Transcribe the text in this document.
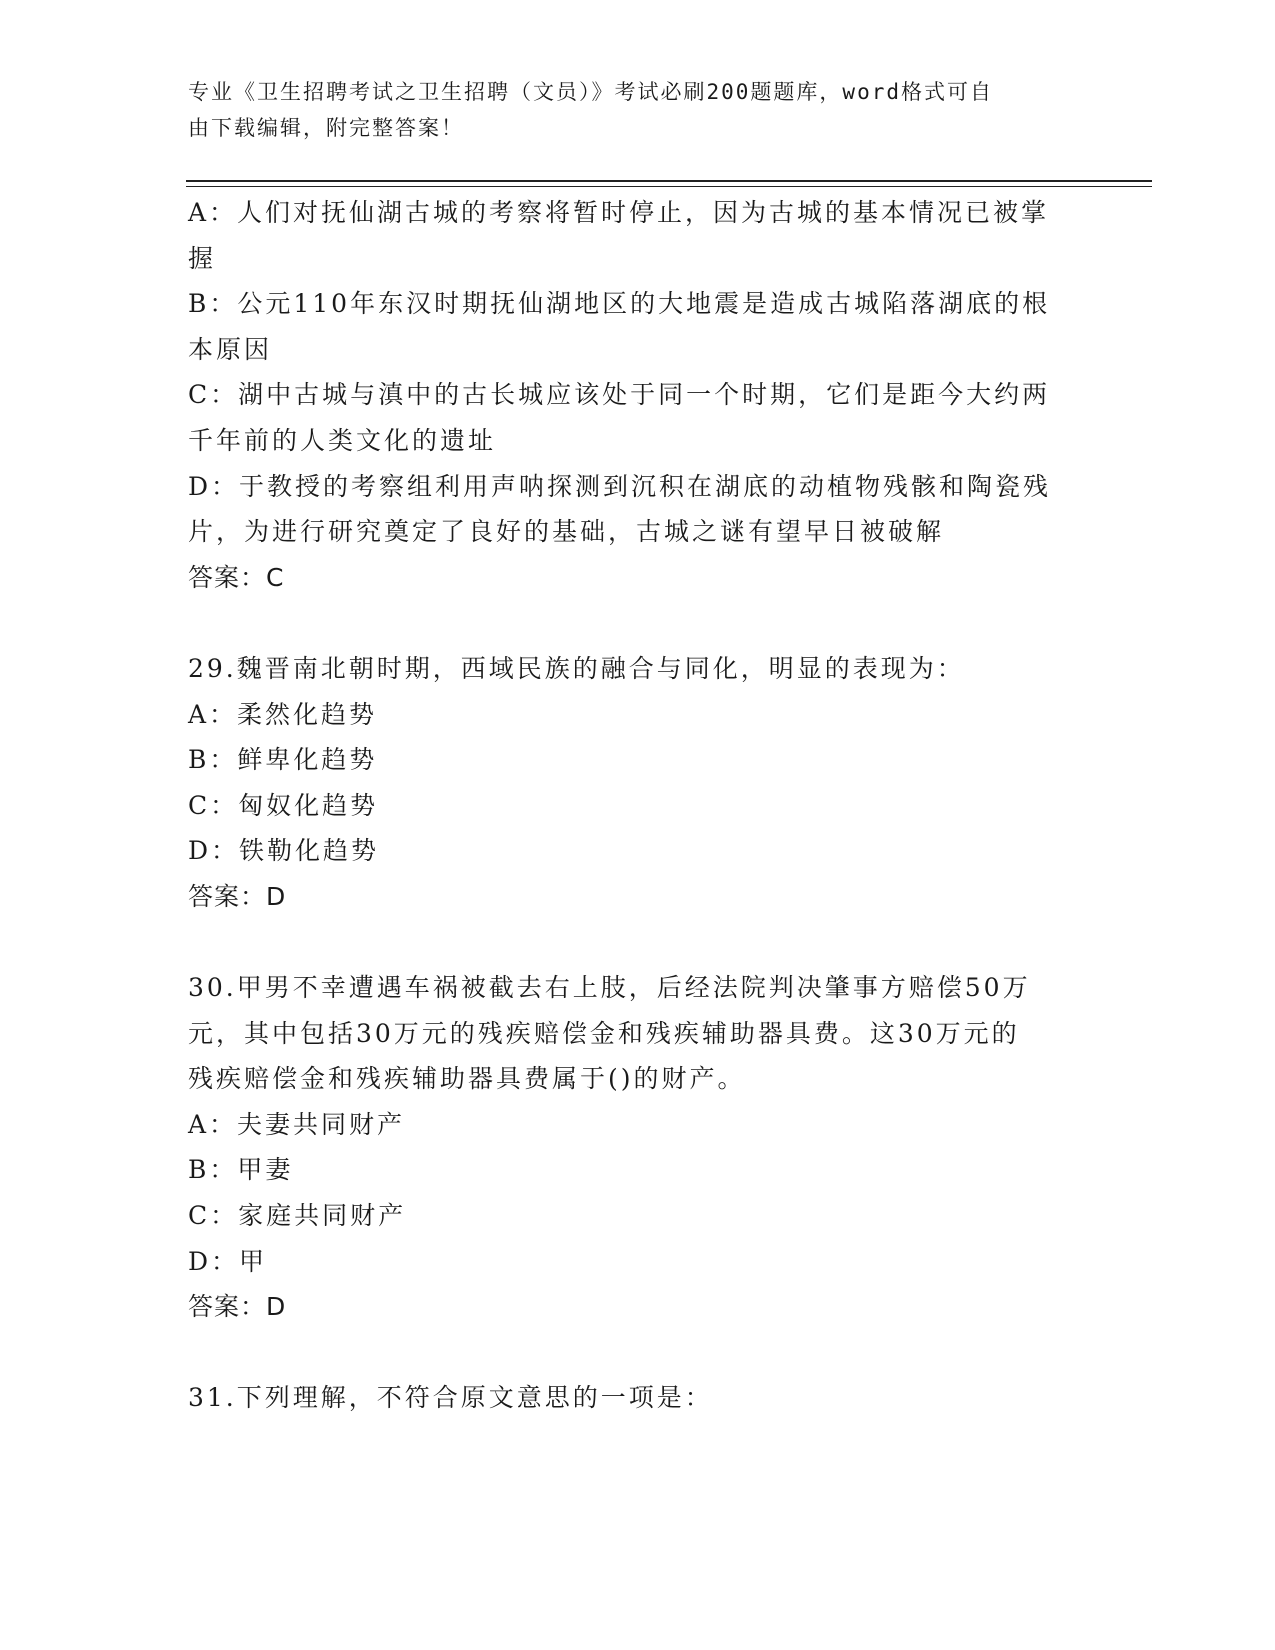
专业《卫生招聘考试之卫生招聘（文员）》考试必刷200题题库，word格式可自
由下载编辑，附完整答案！
A：人们对抚仙湖古城的考察将暂时停止，因为古城的基本情况已被掌
握
B：公元110年东汉时期抚仙湖地区的大地震是造成古城陷落湖底的根
本原因
C：湖中古城与滇中的古长城应该处于同一个时期，它们是距今大约两
千年前的人类文化的遗址
D：于教授的考察组利用声呐探测到沉积在湖底的动植物残骸和陶瓷残
片，为进行研究奠定了良好的基础，古城之谜有望早日被破解
答案：C
29.魏晋南北朝时期，西域民族的融合与同化，明显的表现为：
A：柔然化趋势
B：鲜卑化趋势
C：匈奴化趋势
D：铁勒化趋势
答案：D
30.甲男不幸遭遇车祸被截去右上肢，后经法院判决肇事方赔偿50万
元，其中包括30万元的残疾赔偿金和残疾辅助器具费。这30万元的
残疾赔偿金和残疾辅助器具费属于()的财产。
A：夫妻共同财产
B：甲妻
C：家庭共同财产
D：甲
答案：D
31.下列理解，不符合原文意思的一项是：
